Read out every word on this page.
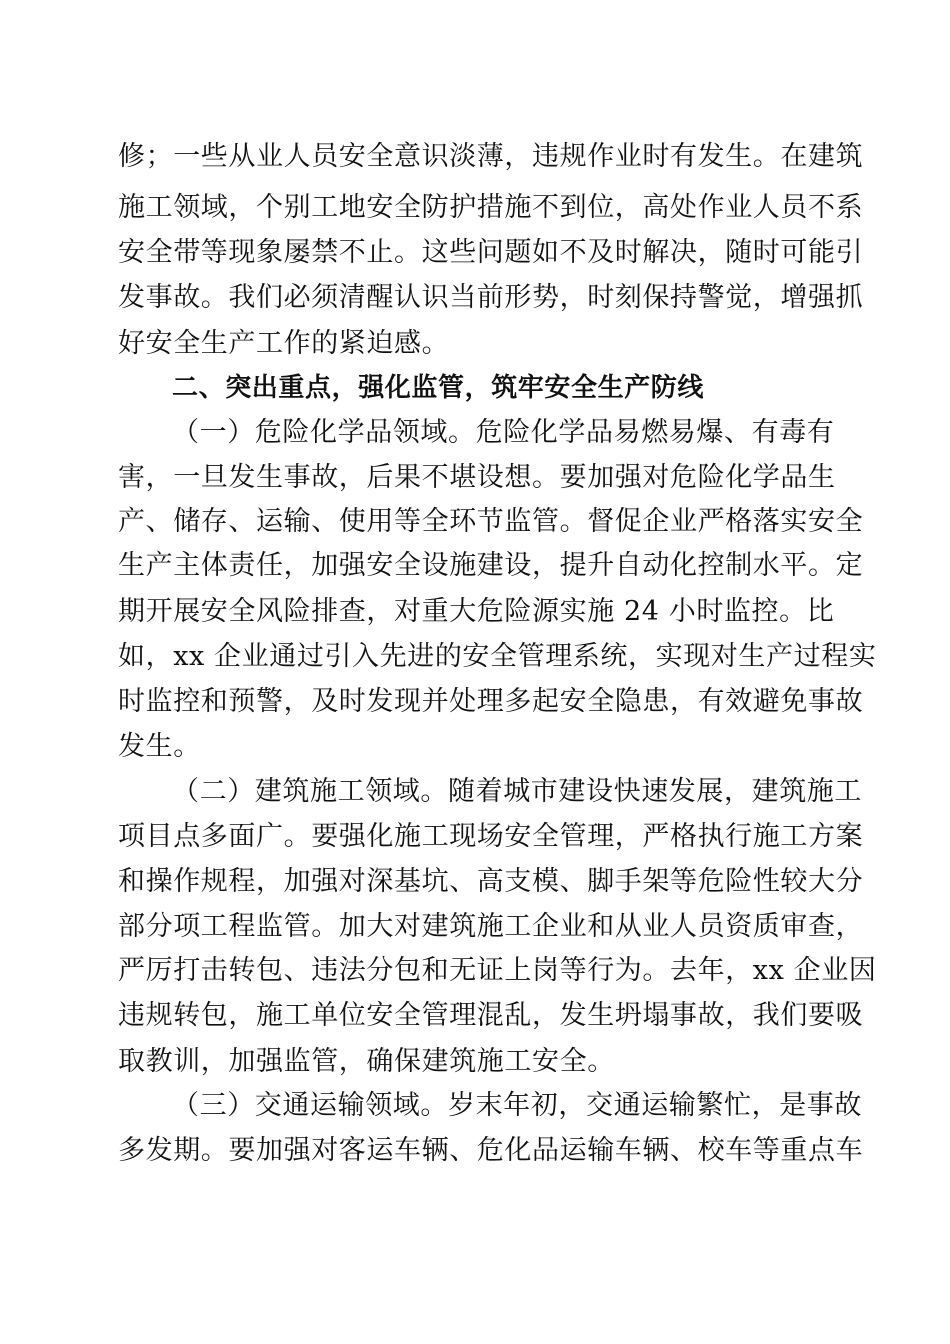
修；一些从业人员安全意识淡薄，违规作业时有发生。在建筑
施工领域，个别工地安全防护措施不到位，高处作业人员不系
安全带等现象屡禁不止。这些问题如不及时解决，随时可能引
发事故。我们必须清醒认识当前形势，时刻保持警觉，增强抓
好安全生产工作的紧迫感。
二、突出重点，强化监管，筑牢安全生产防线
（一）危险化学品领域。危险化学品易燃易爆、有毒有
害，一旦发生事故，后果不堪设想。要加强对危险化学品生
产、储存、运输、使用等全环节监管。督促企业严格落实安全
生产主体责任，加强安全设施建设，提升自动化控制水平。定
期开展安全风险排查，对重大危险源实施 24 小时监控。比
如，xx 企业通过引入先进的安全管理系统，实现对生产过程实
时监控和预警，及时发现并处理多起安全隐患，有效避免事故
发生。
（二）建筑施工领域。随着城市建设快速发展，建筑施工
项目点多面广。要强化施工现场安全管理，严格执行施工方案
和操作规程，加强对深基坑、高支模、脚手架等危险性较大分
部分项工程监管。加大对建筑施工企业和从业人员资质审查，
严厉打击转包、违法分包和无证上岗等行为。去年，xx 企业因
违规转包，施工单位安全管理混乱，发生坍塌事故，我们要吸
取教训，加强监管，确保建筑施工安全。
（三）交通运输领域。岁末年初，交通运输繁忙，是事故
多发期。要加强对客运车辆、危化品运输车辆、校车等重点车
